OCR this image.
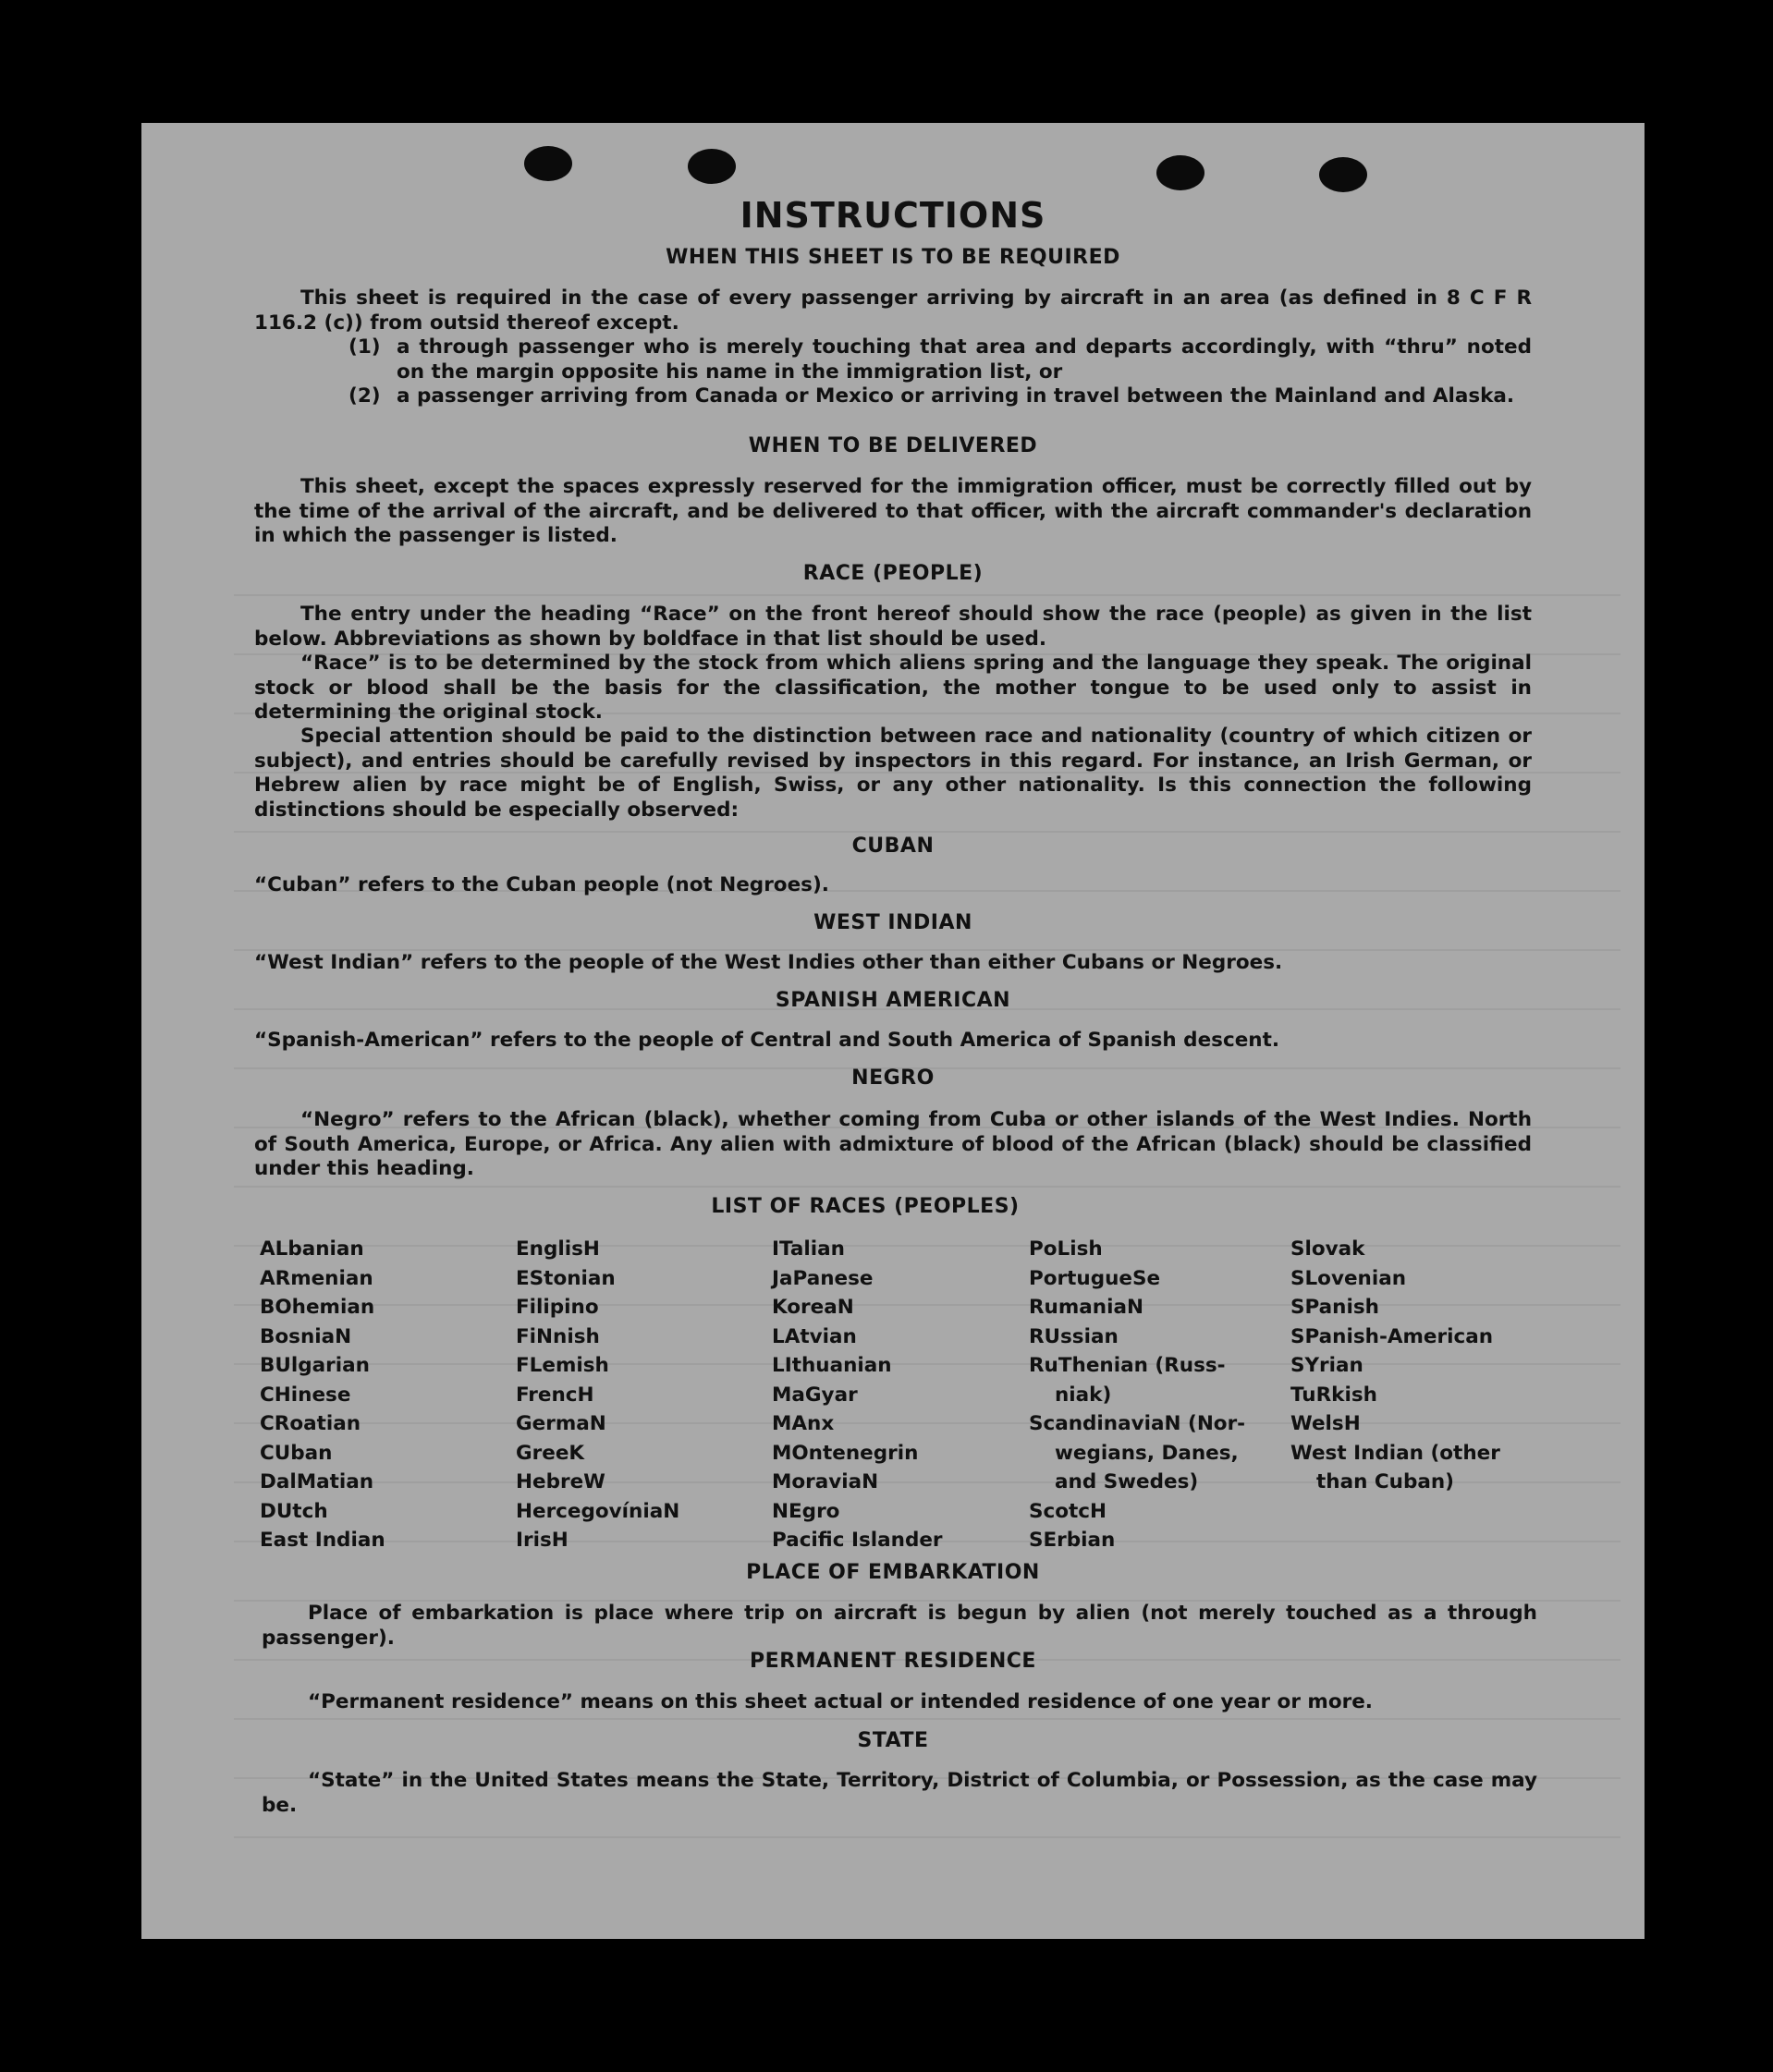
INSTRUCTIONS
WHEN THIS SHEET IS TO BE REQUIRED
This sheet is required in the case of every passenger arriving by aircraft in an area (as defined in 8 C F R 116.2 (c)) from outsid thereof except.
(1) a through passenger who is merely touching that area and departs accordingly, with “thru” noted on the margin opposite his name in the immigration list, or
(2) a passenger arriving from Canada or Mexico or arriving in travel between the Mainland and Alaska.
WHEN TO BE DELIVERED
This sheet, except the spaces expressly reserved for the immigration officer, must be correctly filled out by the time of the arrival of the aircraft, and be delivered to that officer, with the aircraft commander's declaration in which the passenger is listed.
RACE (PEOPLE)
The entry under the heading “Race” on the front hereof should show the race (people) as given in the list below. Abbreviations as shown by boldface in that list should be used.
“Race” is to be determined by the stock from which aliens spring and the language they speak. The original stock or blood shall be the basis for the classification, the mother tongue to be used only to assist in determining the original stock.
Special attention should be paid to the distinction between race and nationality (country of which citizen or subject), and entries should be carefully revised by inspectors in this regard. For instance, an Irish German, or Hebrew alien by race might be of English, Swiss, or any other nationality. Is this connection the following distinctions should be especially observed:
CUBAN
“Cuban” refers to the Cuban people (not Negroes).
WEST INDIAN
“West Indian” refers to the people of the West Indies other than either Cubans or Negroes.
SPANISH AMERICAN
“Spanish-American” refers to the people of Central and South America of Spanish descent.
NEGRO
“Negro” refers to the African (black), whether coming from Cuba or other islands of the West Indies. North of South America, Europe, or Africa. Any alien with admixture of blood of the African (black) should be classified under this heading.
LIST OF RACES (PEOPLES)
ALbanian
ARmenian
BOhemian
BosniaN
BUlgarian
CHinese
CRoatian
CUban
DalMatian
DUtch
East Indian
EnglisH
EStonian
Filipino
FiNnish
FLemish
FrencH
GermaN
GreeK
HebreW
HercegovíniaN
IrisH
ITalian
JaPanese
KoreaN
LAtvian
LIthuanian
MaGyar
MAnx
MOntenegrin
MoraviaN
NEgro
Pacific Islander
PoLish
PortugueSe
RumaniaN
RUssian
RuThenian (Russ-
niak)
ScandinaviaN (Nor-
wegians, Danes,
and Swedes)
ScotcH
SErbian
Slovak
SLovenian
SPanish
SPanish-American
SYrian
TuRkish
WelsH
West Indian (other
than Cuban)
PLACE OF EMBARKATION
Place of embarkation is place where trip on aircraft is begun by alien (not merely touched as a through passenger).
PERMANENT RESIDENCE
“Permanent residence” means on this sheet actual or intended residence of one year or more.
STATE
“State” in the United States means the State, Territory, District of Columbia, or Possession, as the case may be.
